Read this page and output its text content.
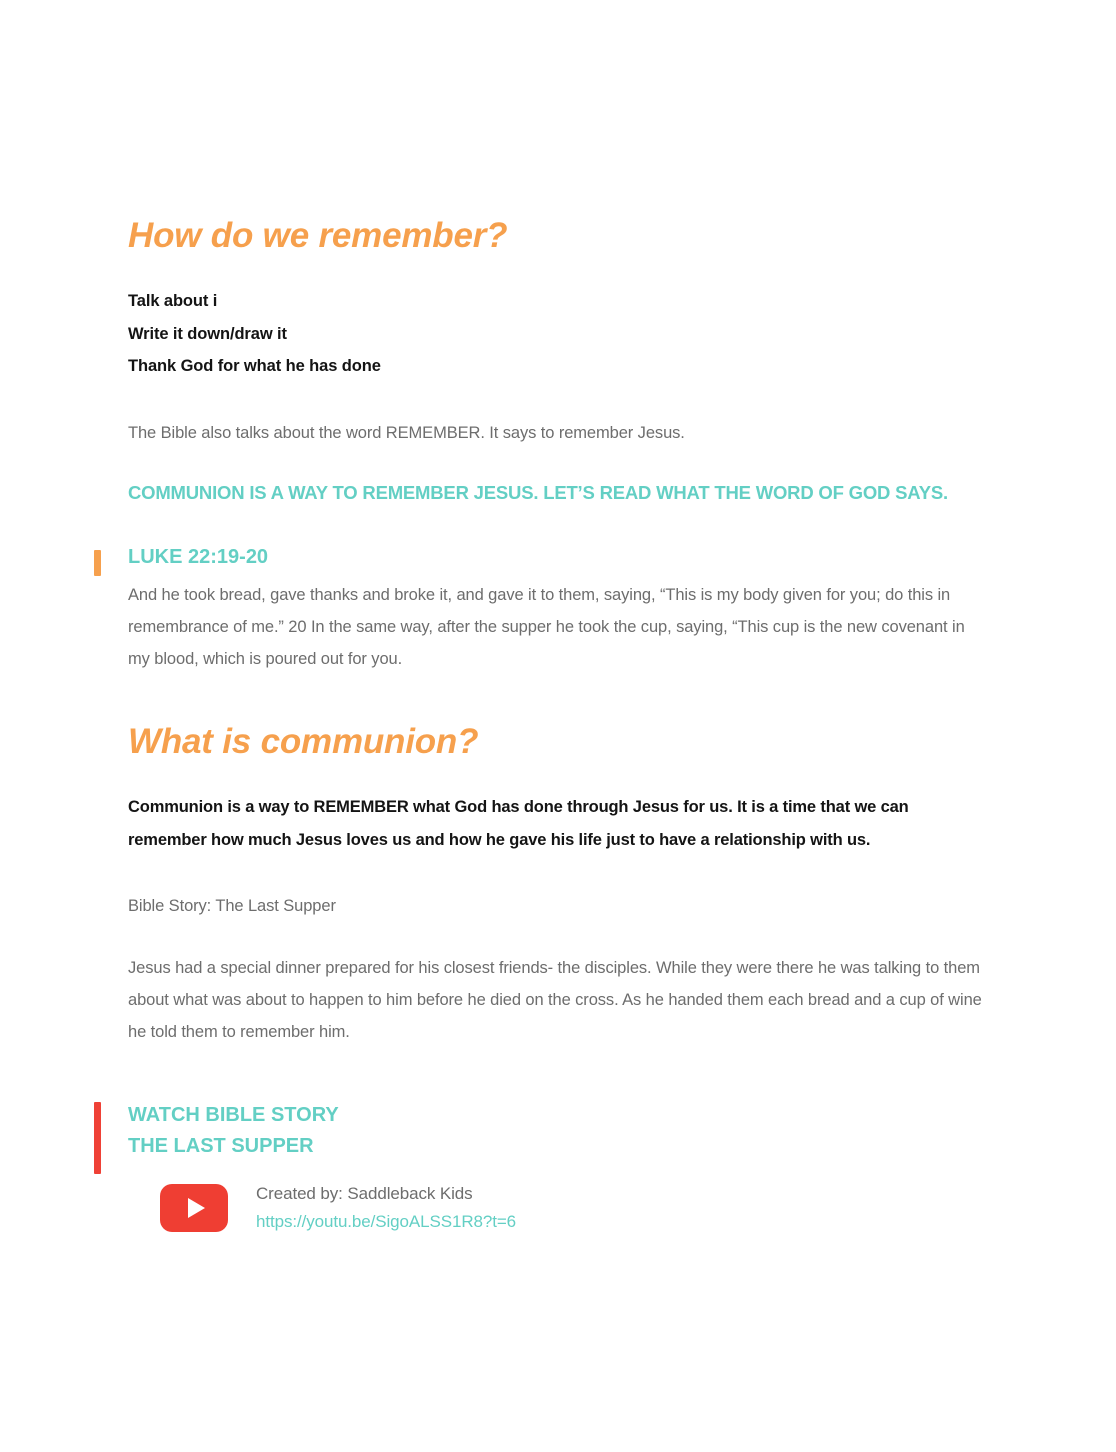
How do we remember?
Talk about i
Write it down/draw it
Thank God for what he has done

The Bible also talks about the word REMEMBER. It says to remember Jesus.

COMMUNION IS A WAY TO REMEMBER JESUS. LET’S READ WHAT THE WORD OF GOD SAYS.

LUKE 22:19-20

And he took bread, gave thanks and broke it, and gave it to them, saying, “This is my body given for you; do this in remembrance of me.” 20 In the same way, after the supper he took the cup, saying, “This cup is the new covenant in my blood, which is poured out for you.

What is communion?

Communion is a way to REMEMBER what God has done through Jesus for us. It is a time that we can remember how much Jesus loves us and how he gave his life just to have a relationship with us.

Bible Story: The Last Supper

Jesus had a special dinner prepared for his closest friends- the disciples. While they were there he was talking to them about what was about to happen to him before he died on the cross. As he handed them each bread and a cup of wine he told them to remember him.

WATCH BIBLE STORY

THE LAST SUPPER

Created by: Saddleback Kids
https://youtu.be/SigoALSS1R8?t=6
